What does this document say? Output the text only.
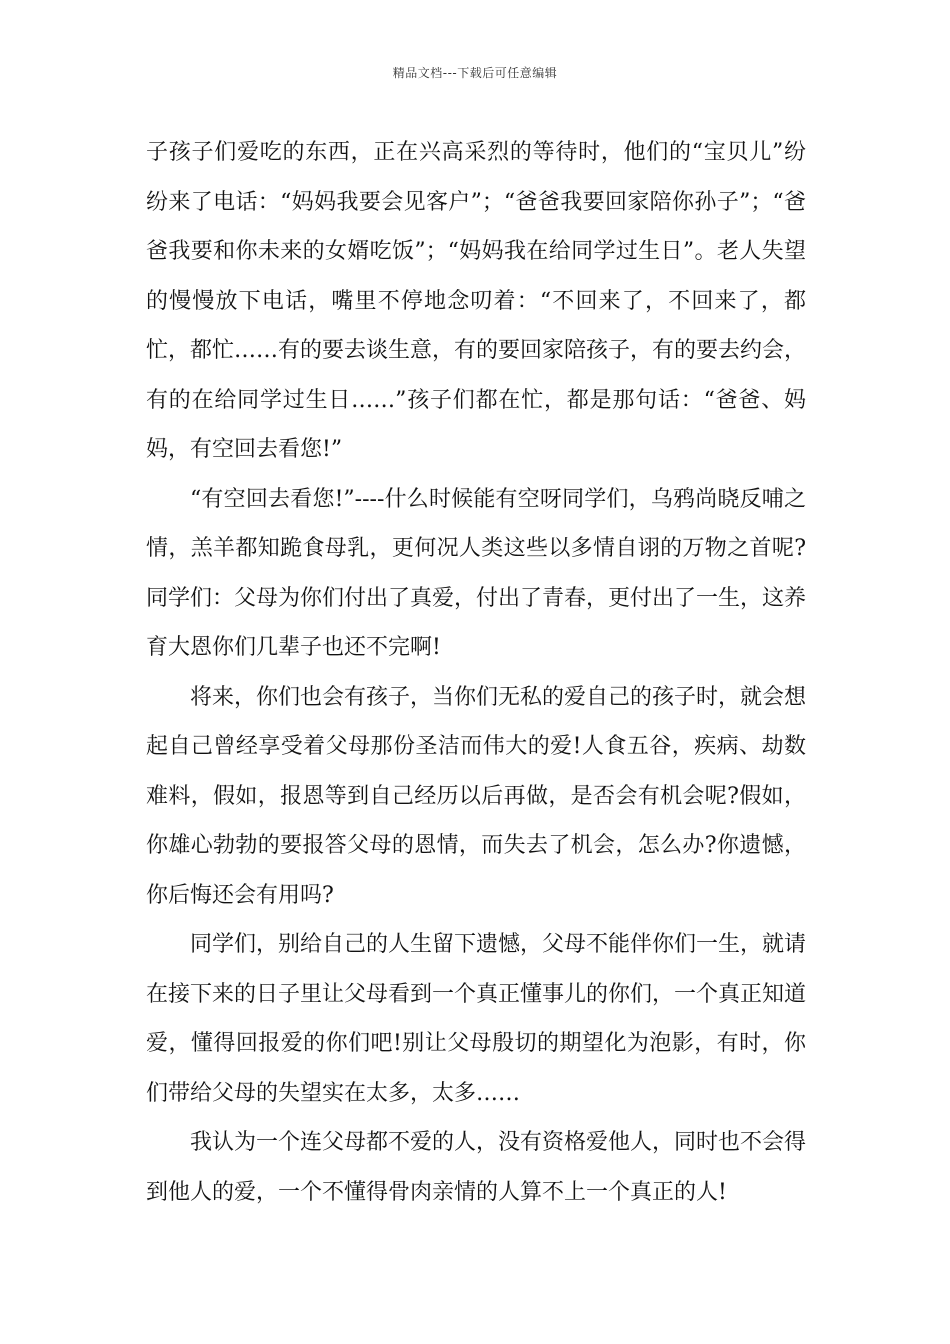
精品文档---下载后可任意编辑

子孩子们爱吃的东西，正在兴高采烈的等待时，他们的“宝贝儿”纷纷来了电话：“妈妈我要会见客户”；“爸爸我要回家陪你孙子”；“爸爸我要和你未来的女婿吃饭”；“妈妈我在给同学过生日”。老人失望的慢慢放下电话，嘴里不停地念叨着：“不回来了，不回来了，都忙，都忙……有的要去谈生意，有的要回家陪孩子，有的要去约会，有的在给同学过生日……”孩子们都在忙，都是那句话：“爸爸、妈妈，有空回去看您!”

“有空回去看您!”----什么时候能有空呀同学们，乌鸦尚晓反哺之情，羔羊都知跪食母乳，更何况人类这些以多情自诩的万物之首呢?同学们：父母为你们付出了真爱，付出了青春，更付出了一生，这养育大恩你们几辈子也还不完啊!

将来，你们也会有孩子，当你们无私的爱自己的孩子时，就会想起自己曾经享受着父母那份圣洁而伟大的爱!人食五谷，疾病、劫数难料，假如，报恩等到自己经历以后再做，是否会有机会呢?假如，你雄心勃勃的要报答父母的恩情，而失去了机会，怎么办?你遗憾，你后悔还会有用吗?

同学们，别给自己的人生留下遗憾，父母不能伴你们一生，就请在接下来的日子里让父母看到一个真正懂事儿的你们，一个真正知道爱，懂得回报爱的你们吧!别让父母殷切的期望化为泡影，有时，你们带给父母的失望实在太多，太多……

我认为一个连父母都不爱的人，没有资格爱他人，同时也不会得到他人的爱，一个不懂得骨肉亲情的人算不上一个真正的人!
